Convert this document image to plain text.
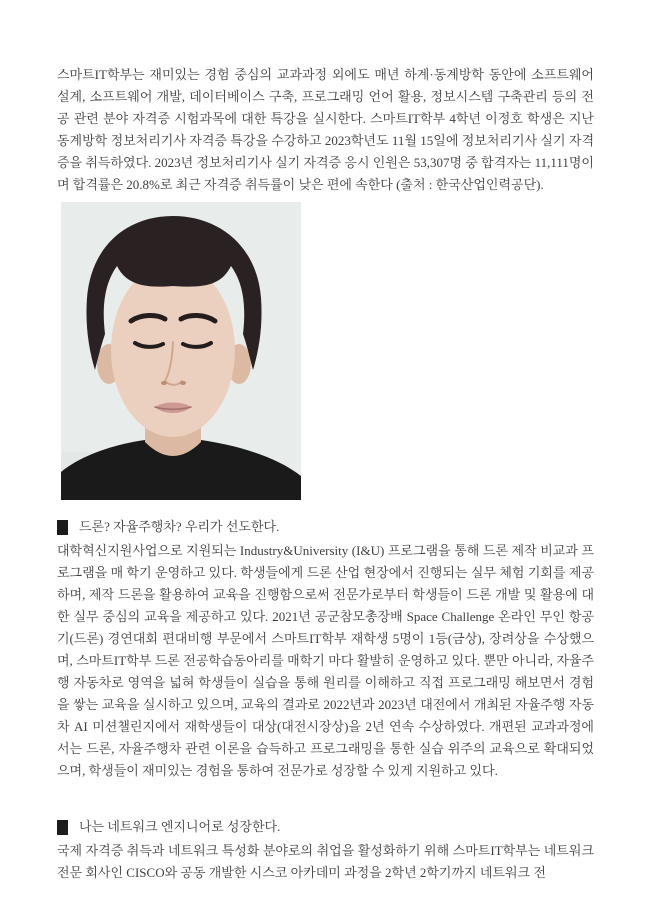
스마트IT학부는 재미있는 경험 중심의 교과과정 외에도 매년 하계·동계방학 동안에 소프트웨어 설계, 소프트웨어 개발, 데이터베이스 구축, 프로그래밍 언어 활용, 정보시스템 구축관리 등의 전공 관련 분야 자격증 시험과목에 대한 특강을 실시한다. 스마트IT학부 4학년 이정호 학생은 지난 동계방학 정보처리기사 자격증 특강을 수강하고 2023학년도 11월 15일에 정보처리기사 실기 자격증을 취득하였다. 2023년 정보처리기사 실기 자격증 응시 인원은 53,307명 중 합격자는 11,111명이며 합격률은 20.8%로 최근 자격증 취득률이 낮은 편에 속한다 (출처 : 한국산업인력공단).

드론? 자율주행차? 우리가 선도한다.

대학혁신지원사업으로 지원되는 Industry&University (I&U) 프로그램을 통해 드론 제작 비교과 프로그램을 매 학기 운영하고 있다. 학생들에게 드론 산업 현장에서 진행되는 실무 체험 기회를 제공하며, 제작 드론을 활용하여 교육을 진행함으로써 전문가로부터 학생들이 드론 개발 및 활용에 대한 실무 중심의 교육을 제공하고 있다. 2021년 공군참모총장배 Space Challenge 온라인 무인 항공기(드론) 경연대회 편대비행 부문에서 스마트IT학부 재학생 5명이 1등(금상), 장려상을 수상했으며, 스마트IT학부 드론 전공학습동아리를 매학기 마다 활발히 운영하고 있다. 뿐만 아니라, 자율주행 자동차로 영역을 넓혀 학생들이 실습을 통해 원리를 이해하고 직접 프로그래밍 해보면서 경험을 쌓는 교육을 실시하고 있으며, 교육의 결과로 2022년과 2023년 대전에서 개최된 자율주행 자동차 AI 미션챌린지에서 재학생들이 대상(대전시장상)을 2년 연속 수상하였다. 개편된 교과과정에서는 드론, 자율주행차 관련 이론을 습득하고 프로그래밍을 통한 실습 위주의 교육으로 확대되었으며, 학생들이 재미있는 경험을 통하여 전문가로 성장할 수 있게 지원하고 있다.

나는 네트워크 엔지니어로 성장한다.

국제 자격증 취득과 네트워크 특성화 분야로의 취업을 활성화하기 위해 스마트IT학부는 네트워크 전문 회사인 CISCO와 공동 개발한 시스코 아카데미 과정을 2학년 2학기까지 네트워크 전
